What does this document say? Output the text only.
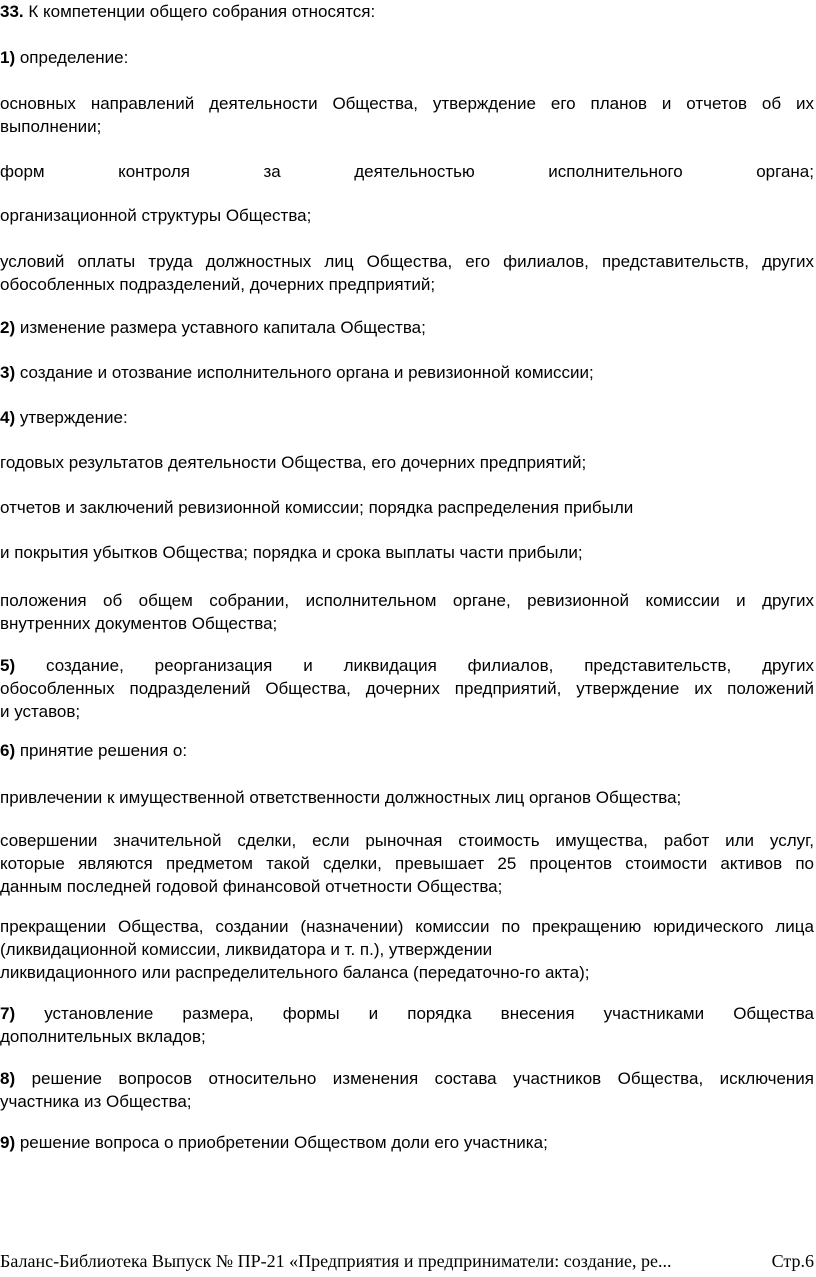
33. К компетенции общего собрания относятся:
1) определение:
основных направлений деятельности Общества, утверждение его планов и отчетов об их
выполнении;
форм контроля за деятельностью исполнительного органа;
организационной структуры Общества;
условий оплаты труда должностных лиц Общества, его филиалов, представительств, других
обособленных подразделений, дочерних предприятий;
2) изменение размера уставного капитала Общества;
3) создание и отозвание исполнительного органа и ревизионной комиссии;
4) утверждение:
годовых результатов деятельности Общества, его дочерних предприятий;
отчетов и заключений ревизионной комиссии; порядка распределения прибыли
и покрытия убытков Общества; порядка и срока выплаты части прибыли;
положения об общем собрании, исполнительном органе, ревизионной комиссии и других
внутренних документов Общества;
5) создание, реорганизация и ликвидация филиалов, представительств, других
обособленных подразделений Общества, дочерних предприятий, утверждение их положений
и уставов;
6) принятие решения о:
привлечении к имущественной ответственности должностных лиц органов Общества;
совершении значительной сделки, если рыночная стоимость имущества, работ или услуг,
которые являются предметом такой сделки, превышает 25 процентов стоимости активов по
данным последней годовой финансовой отчетности Общества;
прекращении Общества, создании (назначении) комиссии по прекращению юридического лица
(ликвидационной комиссии, ликвидатора и т. п.), утверждении
ликвидационного или распределительного баланса (передаточно-го акта);
7) установление размера, формы и порядка внесения участниками Общества
дополнительных вкладов;
8) решение вопросов относительно изменения состава участников Общества, исключения
участника из Общества;
9) решение вопроса о приобретении Обществом доли его участника;
Баланс-Библиотека Выпуск № ПР-21 «Предприятия и предприниматели: создание, ре...	Стр.6
